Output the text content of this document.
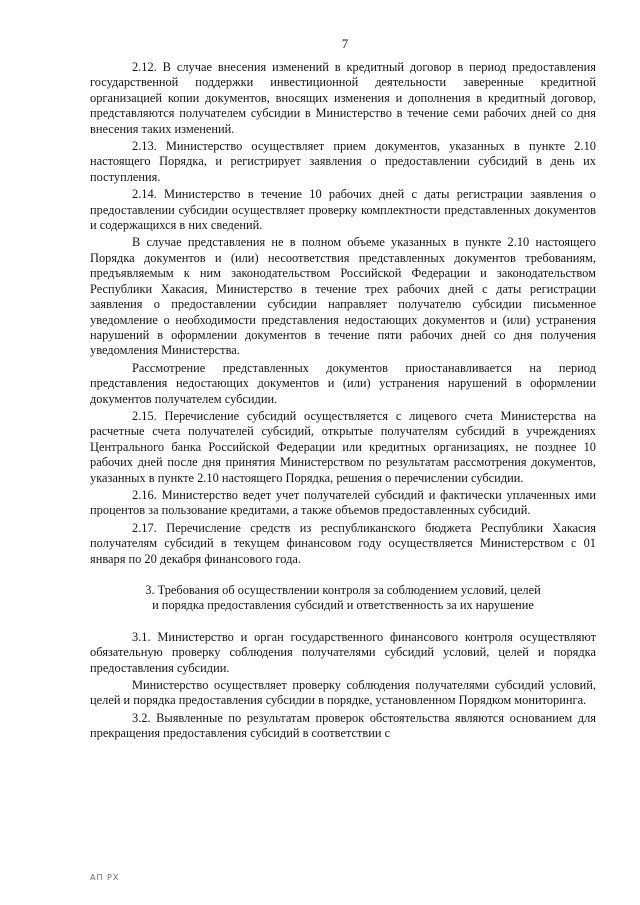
7

2.12. В случае внесения изменений в кредитный договор в период предоставления государственной поддержки инвестиционной деятельности заверенные кредитной организацией копии документов, вносящих изменения и дополнения в кредитный договор, представляются получателем субсидии в Министерство в течение семи рабочих дней со дня внесения таких изменений.

2.13. Министерство осуществляет прием документов, указанных в пункте 2.10 настоящего Порядка, и регистрирует заявления о предоставлении субсидий в день их поступления.

2.14. Министерство в течение 10 рабочих дней с даты регистрации заявления о предоставлении субсидии осуществляет проверку комплектности представленных документов и содержащихся в них сведений.

В случае представления не в полном объеме указанных в пункте 2.10 настоящего Порядка документов и (или) несоответствия представленных документов требованиям, предъявляемым к ним законодательством Российской Федерации и законодательством Республики Хакасия, Министерство в течение трех рабочих дней с даты регистрации заявления о предоставлении субсидии направляет получателю субсидии письменное уведомление о необходимости представления недостающих документов и (или) устранения нарушений в оформлении документов в течение пяти рабочих дней со дня получения уведомления Министерства.

Рассмотрение представленных документов приостанавливается на период представления недостающих документов и (или) устранения нарушений в оформлении документов получателем субсидии.

2.15. Перечисление субсидий осуществляется с лицевого счета Министерства на расчетные счета получателей субсидий, открытые получателям субсидий в учреждениях Центрального банка Российской Федерации или кредитных организациях, не позднее 10 рабочих дней после дня принятия Министерством по результатам рассмотрения документов, указанных в пункте 2.10 настоящего Порядка, решения о перечислении субсидии.

2.16. Министерство ведет учет получателей субсидий и фактически уплаченных ими процентов за пользование кредитами, а также объемов предоставленных субсидий.

2.17. Перечисление средств из республиканского бюджета Республики Хакасия получателям субсидий в текущем финансовом году осуществляется Министерством с 01 января по 20 декабря финансового года.

3. Требования об осуществлении контроля за соблюдением условий, целей
и порядка предоставления субсидий и ответственность за их нарушение

3.1. Министерство и орган государственного финансового контроля осуществляют обязательную проверку соблюдения получателями субсидий условий, целей и порядка предоставления субсидии.

Министерство осуществляет проверку соблюдения получателями субсидий условий, целей и порядка предоставления субсидии в порядке, установленном Порядком мониторинга.

3.2. Выявленные по результатам проверок обстоятельства являются основанием для прекращения предоставления субсидий в соответствии с

АП РХ
